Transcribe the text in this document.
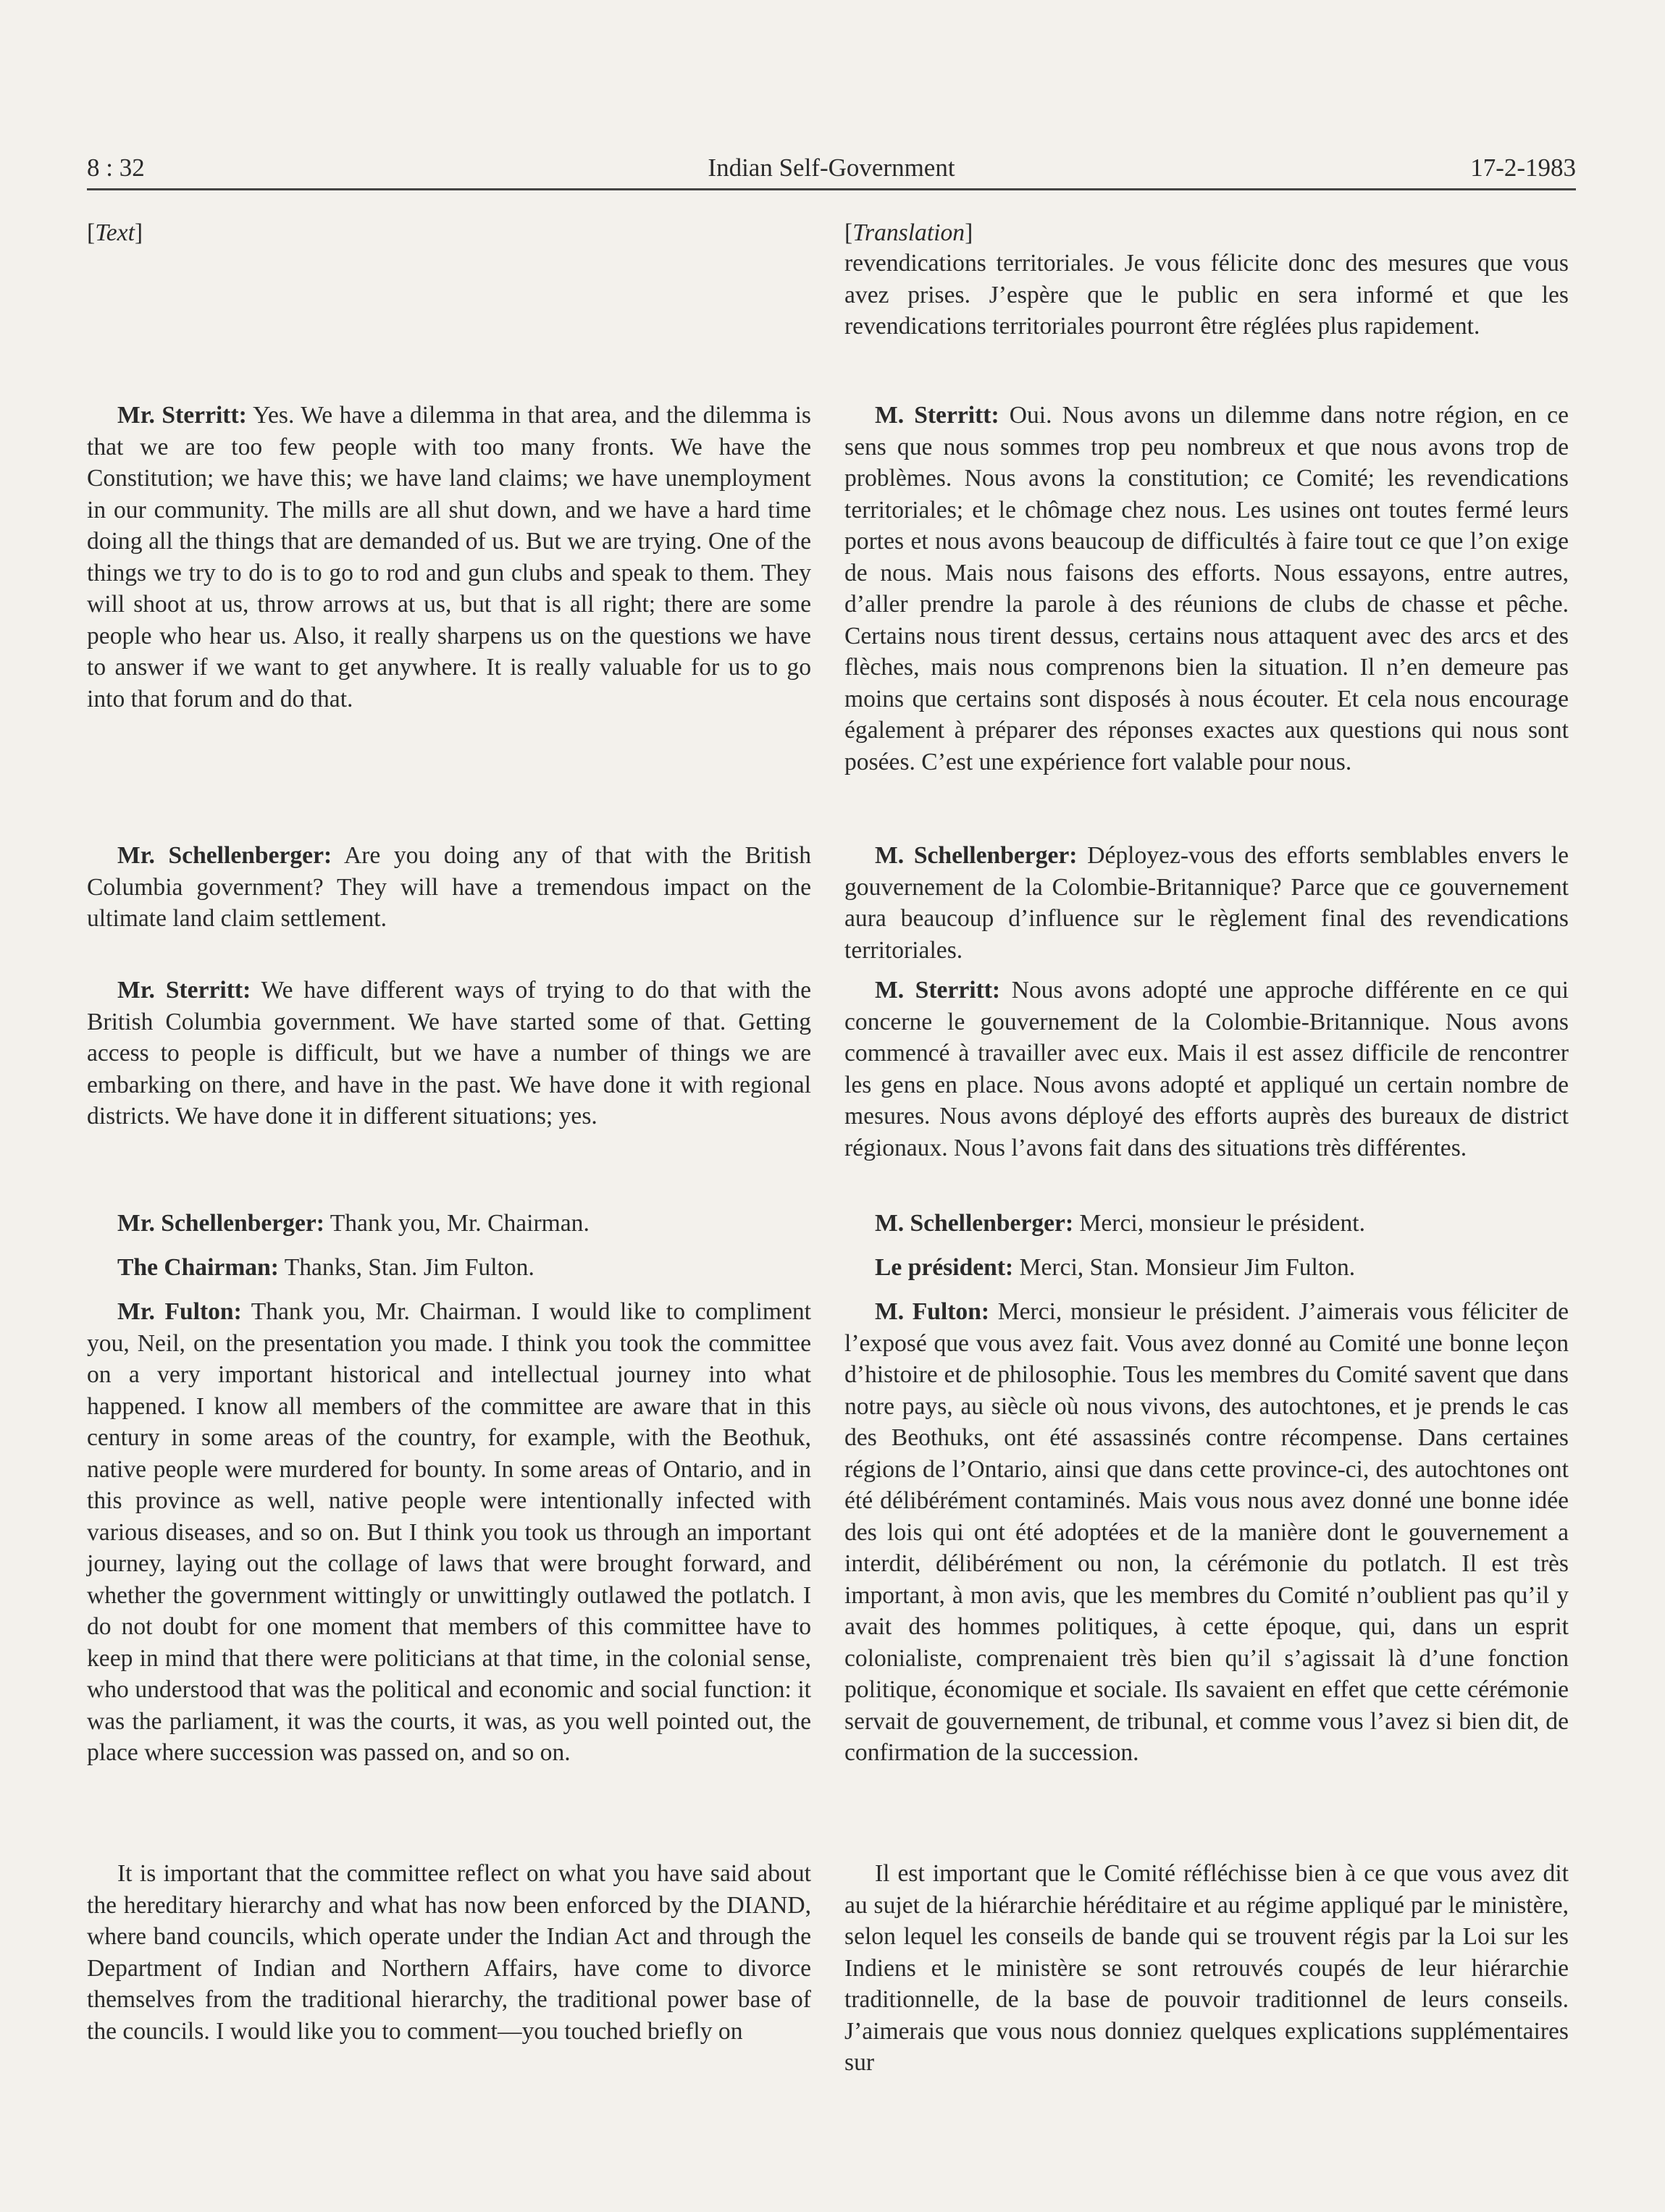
8 : 32	Indian Self-Government	17-2-1983

[Text]

Mr. Sterritt: Yes. We have a dilemma in that area, and the dilemma is that we are too few people with too many fronts. We have the Constitution; we have this; we have land claims; we have unemployment in our community. The mills are all shut down, and we have a hard time doing all the things that are demanded of us. But we are trying. One of the things we try to do is to go to rod and gun clubs and speak to them. They will shoot at us, throw arrows at us, but that is all right; there are some people who hear us. Also, it really sharpens us on the questions we have to answer if we want to get anywhere. It is really valuable for us to go into that forum and do that.

Mr. Schellenberger: Are you doing any of that with the British Columbia government? They will have a tremendous impact on the ultimate land claim settlement.

Mr. Sterritt: We have different ways of trying to do that with the British Columbia government. We have started some of that. Getting access to people is difficult, but we have a number of things we are embarking on there, and have in the past. We have done it with regional districts. We have done it in different situations; yes.

Mr. Schellenberger: Thank you, Mr. Chairman.

The Chairman: Thanks, Stan. Jim Fulton.

Mr. Fulton: Thank you, Mr. Chairman. I would like to compliment you, Neil, on the presentation you made. I think you took the committee on a very important historical and intellectual journey into what happened. I know all members of the committee are aware that in this century in some areas of the country, for example, with the Beothuk, native people were murdered for bounty. In some areas of Ontario, and in this province as well, native people were intentionally infected with various diseases, and so on. But I think you took us through an important journey, laying out the collage of laws that were brought forward, and whether the government wittingly or unwittingly outlawed the potlatch. I do not doubt for one moment that members of this committee have to keep in mind that there were politicians at that time, in the colonial sense, who understood that was the political and economic and social function: it was the parliament, it was the courts, it was, as you well pointed out, the place where succession was passed on, and so on.

It is important that the committee reflect on what you have said about the hereditary hierarchy and what has now been enforced by the DIAND, where band councils, which operate under the Indian Act and through the Department of Indian and Northern Affairs, have come to divorce themselves from the traditional hierarchy, the traditional power base of the councils. I would like you to comment—you touched briefly on

[Translation]

revendications territoriales. Je vous félicite donc des mesures que vous avez prises. J’espère que le public en sera informé et que les revendications territoriales pourront être réglées plus rapidement.

M. Sterritt: Oui. Nous avons un dilemme dans notre région, en ce sens que nous sommes trop peu nombreux et que nous avons trop de problèmes. Nous avons la constitution; ce Comité; les revendications territoriales; et le chômage chez nous. Les usines ont toutes fermé leurs portes et nous avons beaucoup de difficultés à faire tout ce que l’on exige de nous. Mais nous faisons des efforts. Nous essayons, entre autres, d’aller prendre la parole à des réunions de clubs de chasse et pêche. Certains nous tirent dessus, certains nous attaquent avec des arcs et des flèches, mais nous comprenons bien la situation. Il n’en demeure pas moins que certains sont disposés à nous écouter. Et cela nous encourage également à préparer des réponses exactes aux questions qui nous sont posées. C’est une expérience fort valable pour nous.

M. Schellenberger: Déployez-vous des efforts semblables envers le gouvernement de la Colombie-Britannique? Parce que ce gouvernement aura beaucoup d’influence sur le règlement final des revendications territoriales.

M. Sterritt: Nous avons adopté une approche différente en ce qui concerne le gouvernement de la Colombie-Britannique. Nous avons commencé à travailler avec eux. Mais il est assez difficile de rencontrer les gens en place. Nous avons adopté et appliqué un certain nombre de mesures. Nous avons déployé des efforts auprès des bureaux de district régionaux. Nous l’avons fait dans des situations très différentes.

M. Schellenberger: Merci, monsieur le président.

Le président: Merci, Stan. Monsieur Jim Fulton.

M. Fulton: Merci, monsieur le président. J’aimerais vous féliciter de l’exposé que vous avez fait. Vous avez donné au Comité une bonne leçon d’histoire et de philosophie. Tous les membres du Comité savent que dans notre pays, au siècle où nous vivons, des autochtones, et je prends le cas des Beothuks, ont été assassinés contre récompense. Dans certaines régions de l’Ontario, ainsi que dans cette province-ci, des autochtones ont été délibérément contaminés. Mais vous nous avez donné une bonne idée des lois qui ont été adoptées et de la manière dont le gouvernement a interdit, délibérément ou non, la cérémonie du potlatch. Il est très important, à mon avis, que les membres du Comité n’oublient pas qu’il y avait des hommes politiques, à cette époque, qui, dans un esprit colonialiste, comprenaient très bien qu’il s’agissait là d’une fonction politique, économique et sociale. Ils savaient en effet que cette cérémonie servait de gouvernement, de tribunal, et comme vous l’avez si bien dit, de confirmation de la succession.

Il est important que le Comité réfléchisse bien à ce que vous avez dit au sujet de la hiérarchie héréditaire et au régime appliqué par le ministère, selon lequel les conseils de bande qui se trouvent régis par la Loi sur les Indiens et le ministère se sont retrouvés coupés de leur hiérarchie traditionnelle, de la base de pouvoir traditionnel de leurs conseils. J’aimerais que vous nous donniez quelques explications supplémentaires sur
